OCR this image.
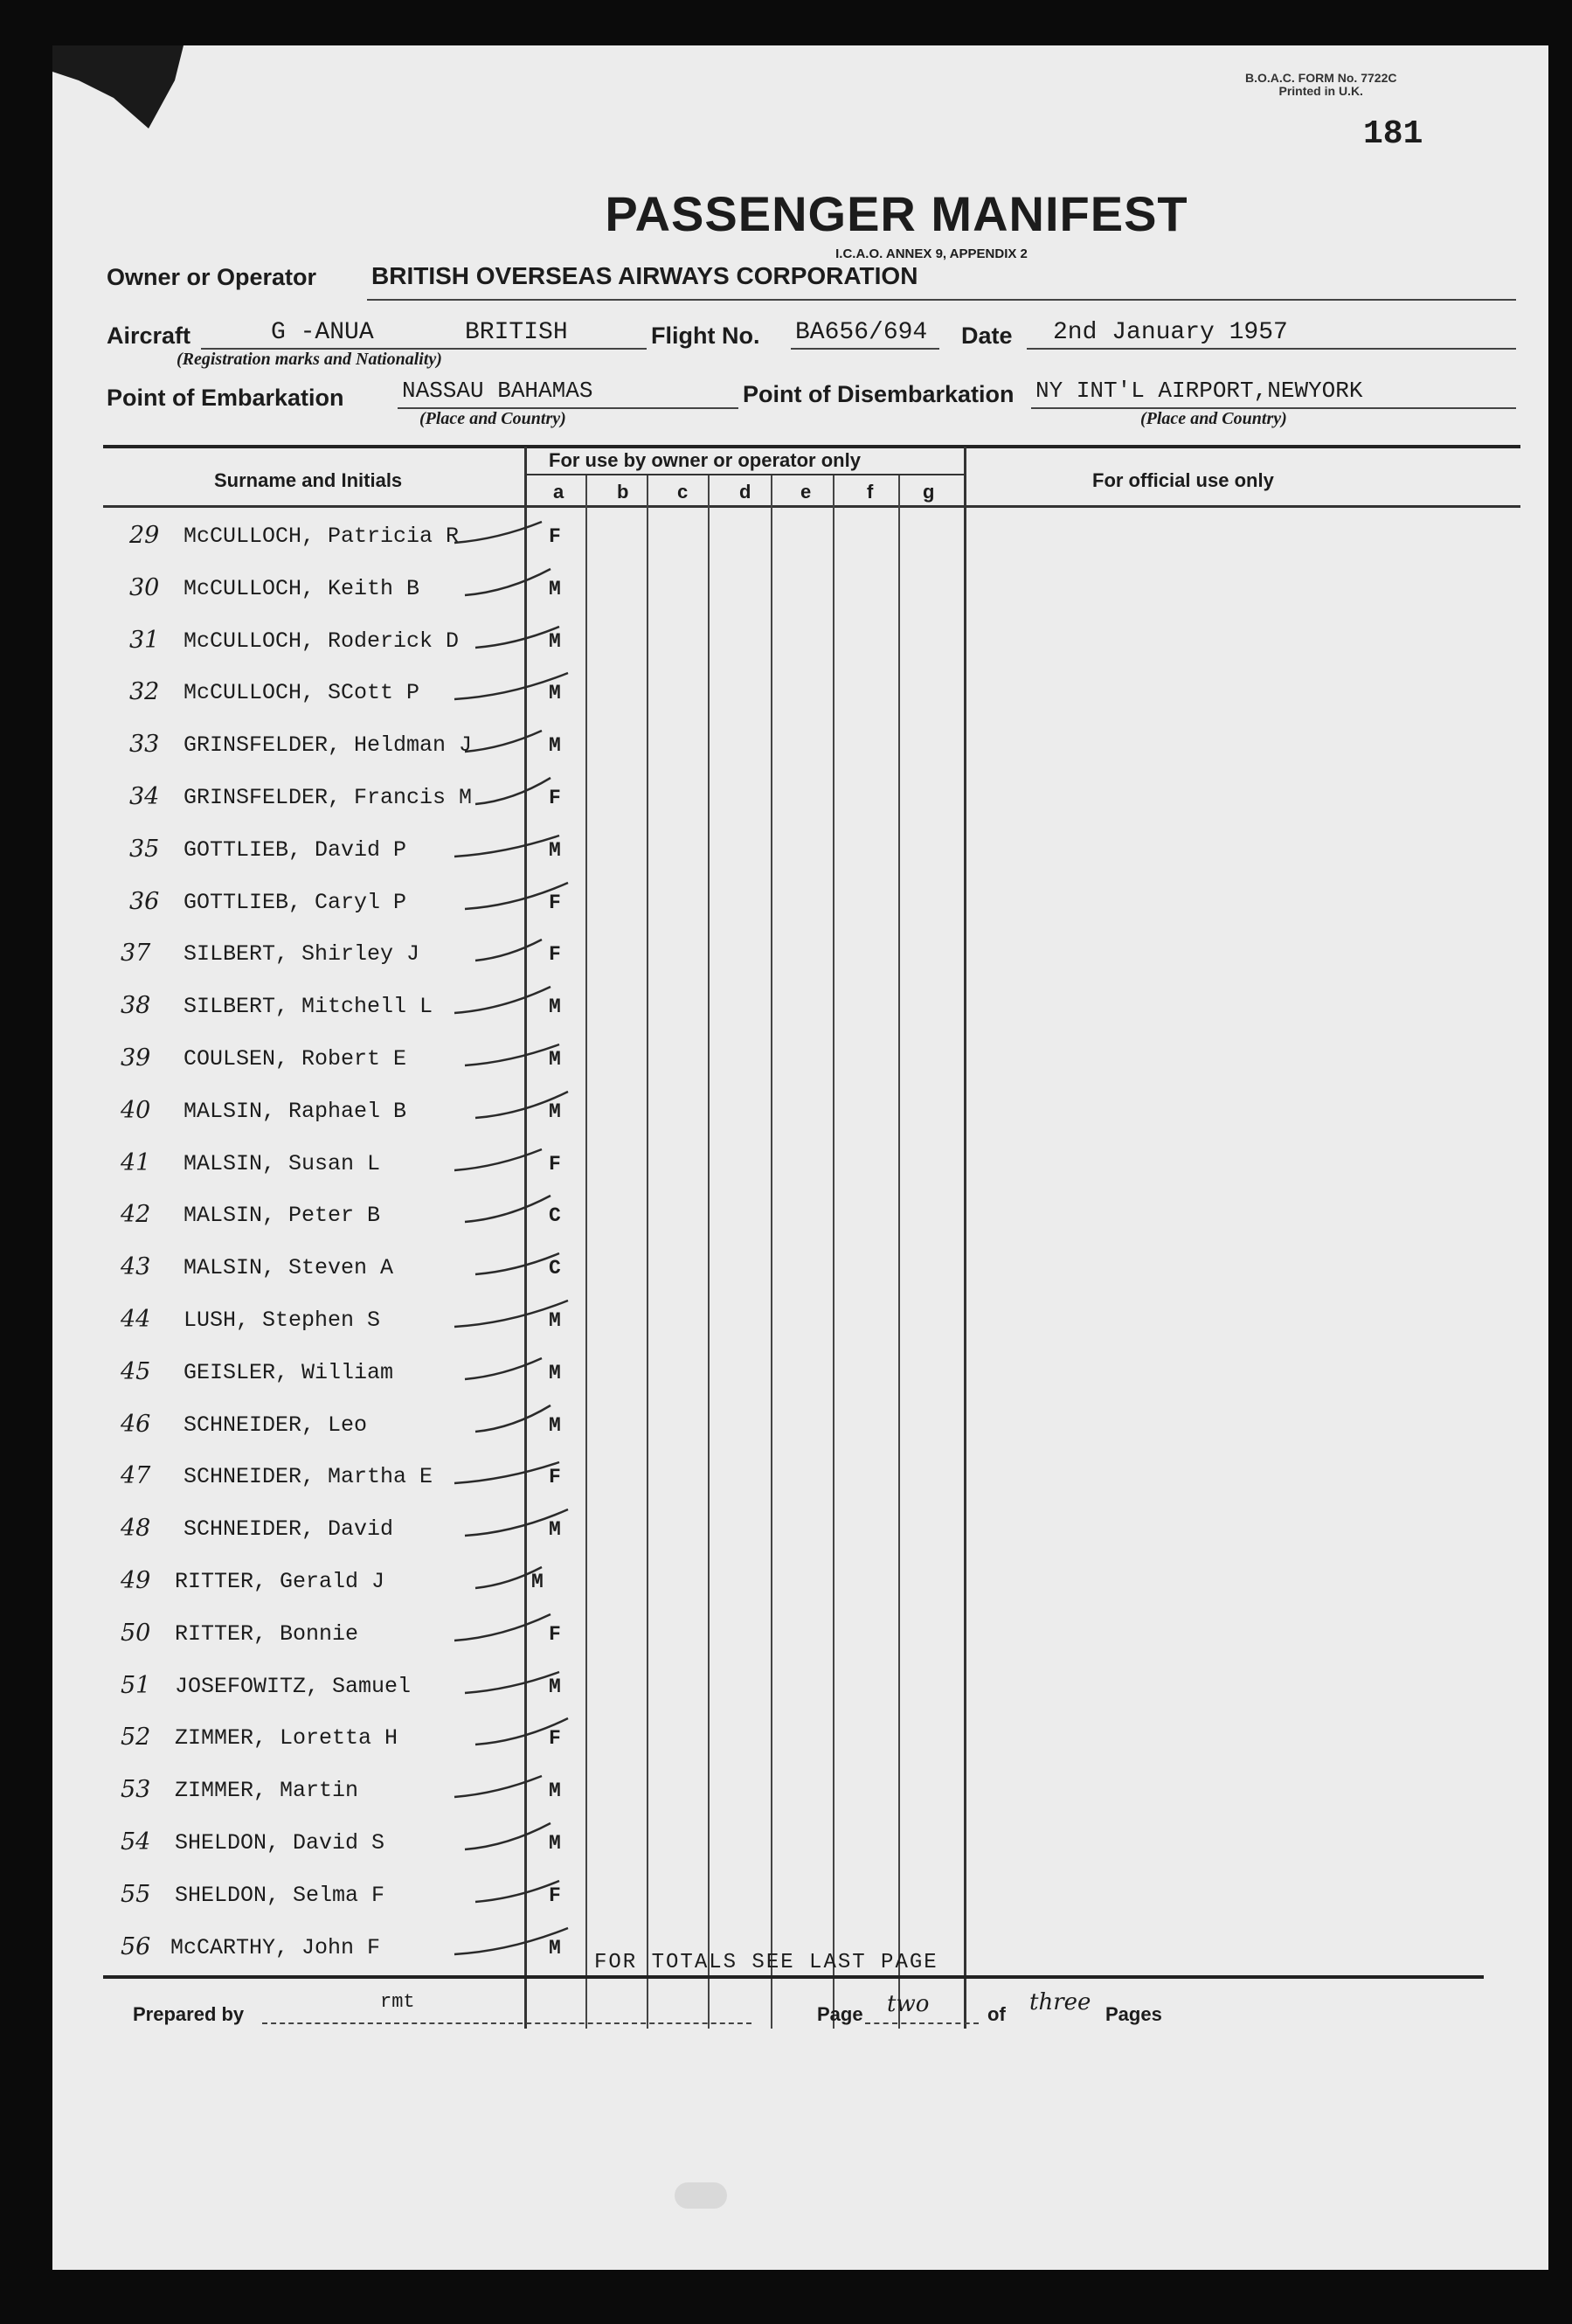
B.O.A.C. FORM No. 7722C
Printed in U.K.
181
PASSENGER MANIFEST
I.C.A.O. ANNEX 9, APPENDIX 2
Owner or Operator BRITISH OVERSEAS AIRWAYS CORPORATION
Aircraft	G -ANUA	BRITISH
(Registration marks and Nationality)
Flight No. BA656/694 Date 2nd January 1957
Point of Embarkation	NASSAU BAHAMAS
(Place and Country)
Point of Disembarkation NY INT'L AIRPORT,NEWYORK
(Place and Country)
Surname and Initials
For use by owner or operator only
For official use only
a	b	c	d	e	f	g
29 McCULLOCH, Patricia R	F
30 McCULLOCH, Keith B	M
31 McCULLOCH, Roderick D	M
32 McCULLOCH, SCott P	M
33 GRINSFELDER, Heldman J	M
34 GRINSFELDER, Francis M	F
35 GOTTLIEB, David P	M
36 GOTTLIEB, Caryl P	F
37 SILBERT, Shirley J	F
38 SILBERT, Mitchell L	M
39 COULSEN, Robert E	M
40 MALSIN, Raphael B	M
41 MALSIN, Susan L	F
42 MALSIN, Peter B	C
43 MALSIN, Steven A	C
44 LUSH, Stephen S	M
45 GEISLER, William	M
46 SCHNEIDER, Leo	M
47 SCHNEIDER, Martha E	F
48 SCHNEIDER, David	M
49 RITTER, Gerald J	M
50 RITTER, Bonnie	F
51 JOSEFOWITZ, Samuel	M
52 ZIMMER, Loretta H	F
53 ZIMMER, Martin	M
54 SHELDON, David S	M
55 SHELDON, Selma F	F
56 McCARTHY, John F	M
FOR TOTALS SEE LAST PAGE
Prepared by
rmt
Page two	of three Pages
